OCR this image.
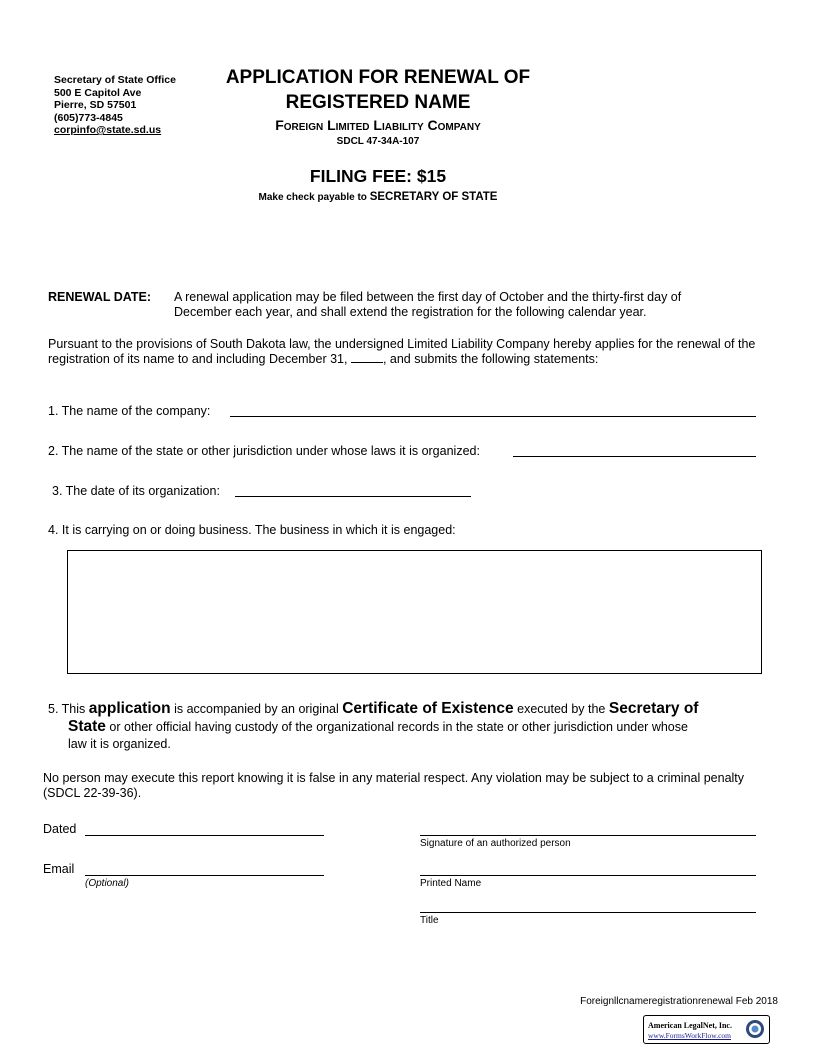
Secretary of State Office
500 E Capitol Ave
Pierre, SD 57501
(605)773-4845
corpinfo@state.sd.us
APPLICATION FOR RENEWAL OF
REGISTERED NAME
Foreign Limited Liability Company
SDCL 47-34A-107
FILING FEE: $15
Make check payable to SECRETARY OF STATE
RENEWAL DATE: A renewal application may be filed between the first day of October and the thirty-first day of December each year, and shall extend the registration for the following calendar year.
Pursuant to the provisions of South Dakota law, the undersigned Limited Liability Company hereby applies for the renewal of the registration of its name to and including December 31,	, and submits the following statements:
1. The name of the company:
2. The name of the state or other jurisdiction under whose laws it is organized:
3. The date of its organization:
4. It is carrying on or doing business. The business in which it is engaged:
5. This application is accompanied by an original Certificate of Existence executed by the Secretary of
State or other official having custody of the organizational records in the state or other jurisdiction under whose
law it is organized.
No person may execute this report knowing it is false in any material respect. Any violation may be subject to a criminal penalty (SDCL 22-39-36).
Dated
Signature of an authorized person
Email
(Optional)	Printed Name
Title
Foreignllcnameregistrationrenewal Feb 2018
American LegalNet, Inc.
www.FormsWorkFlow.com
